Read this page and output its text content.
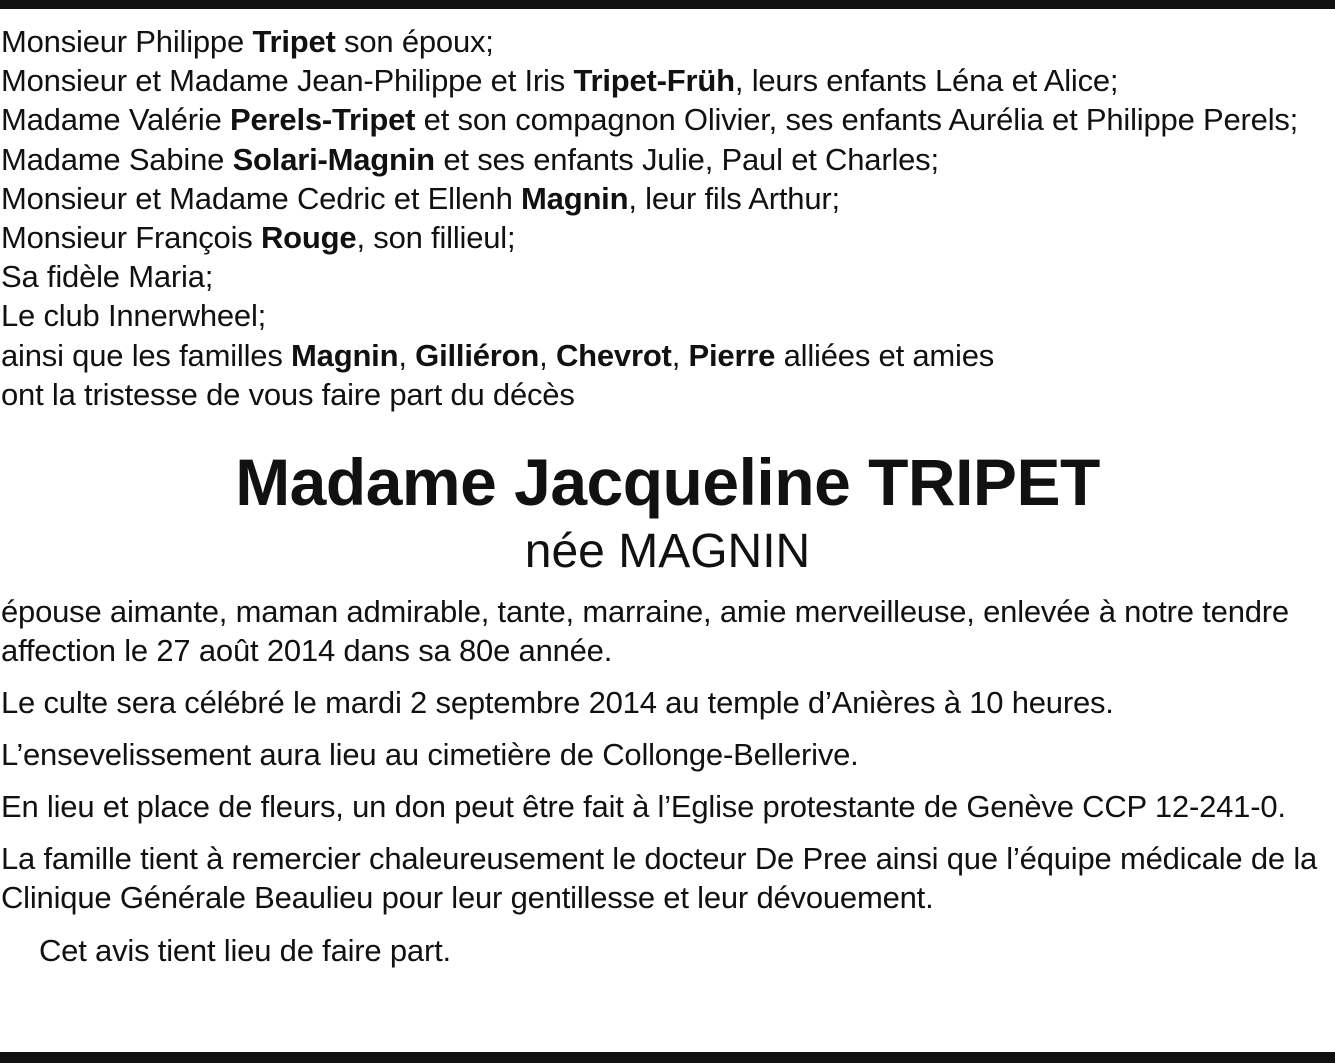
Monsieur Philippe Tripet son époux;
Monsieur et Madame Jean-Philippe et Iris Tripet-Früh, leurs enfants Léna et Alice;
Madame Valérie Perels-Tripet et son compagnon Olivier, ses enfants Aurélia et Philippe Perels;
Madame Sabine Solari-Magnin et ses enfants Julie, Paul et Charles;
Monsieur et Madame Cedric et Ellenh Magnin, leur fils Arthur;
Monsieur François Rouge, son fillieul;
Sa fidèle Maria;
Le club Innerwheel;
ainsi que les familles Magnin, Gilliéron, Chevrot, Pierre alliées et amies
ont la tristesse de vous faire part du décès
Madame Jacqueline TRIPET
née MAGNIN
épouse aimante, maman admirable, tante, marraine, amie merveilleuse, enlevée à notre tendre affection le 27 août 2014 dans sa 80e année.
Le culte sera célébré le mardi 2 septembre 2014 au temple d’Anières à 10 heures.
L’ensevelissement aura lieu au cimetière de Collonge-Bellerive.
En lieu et place de fleurs, un don peut être fait à l’Eglise protestante de Genève CCP 12-241-0.
La famille tient à remercier chaleureusement le docteur De Pree ainsi que l’équipe médicale de la Clinique Générale Beaulieu pour leur gentillesse et leur dévouement.
Cet avis tient lieu de faire part.
